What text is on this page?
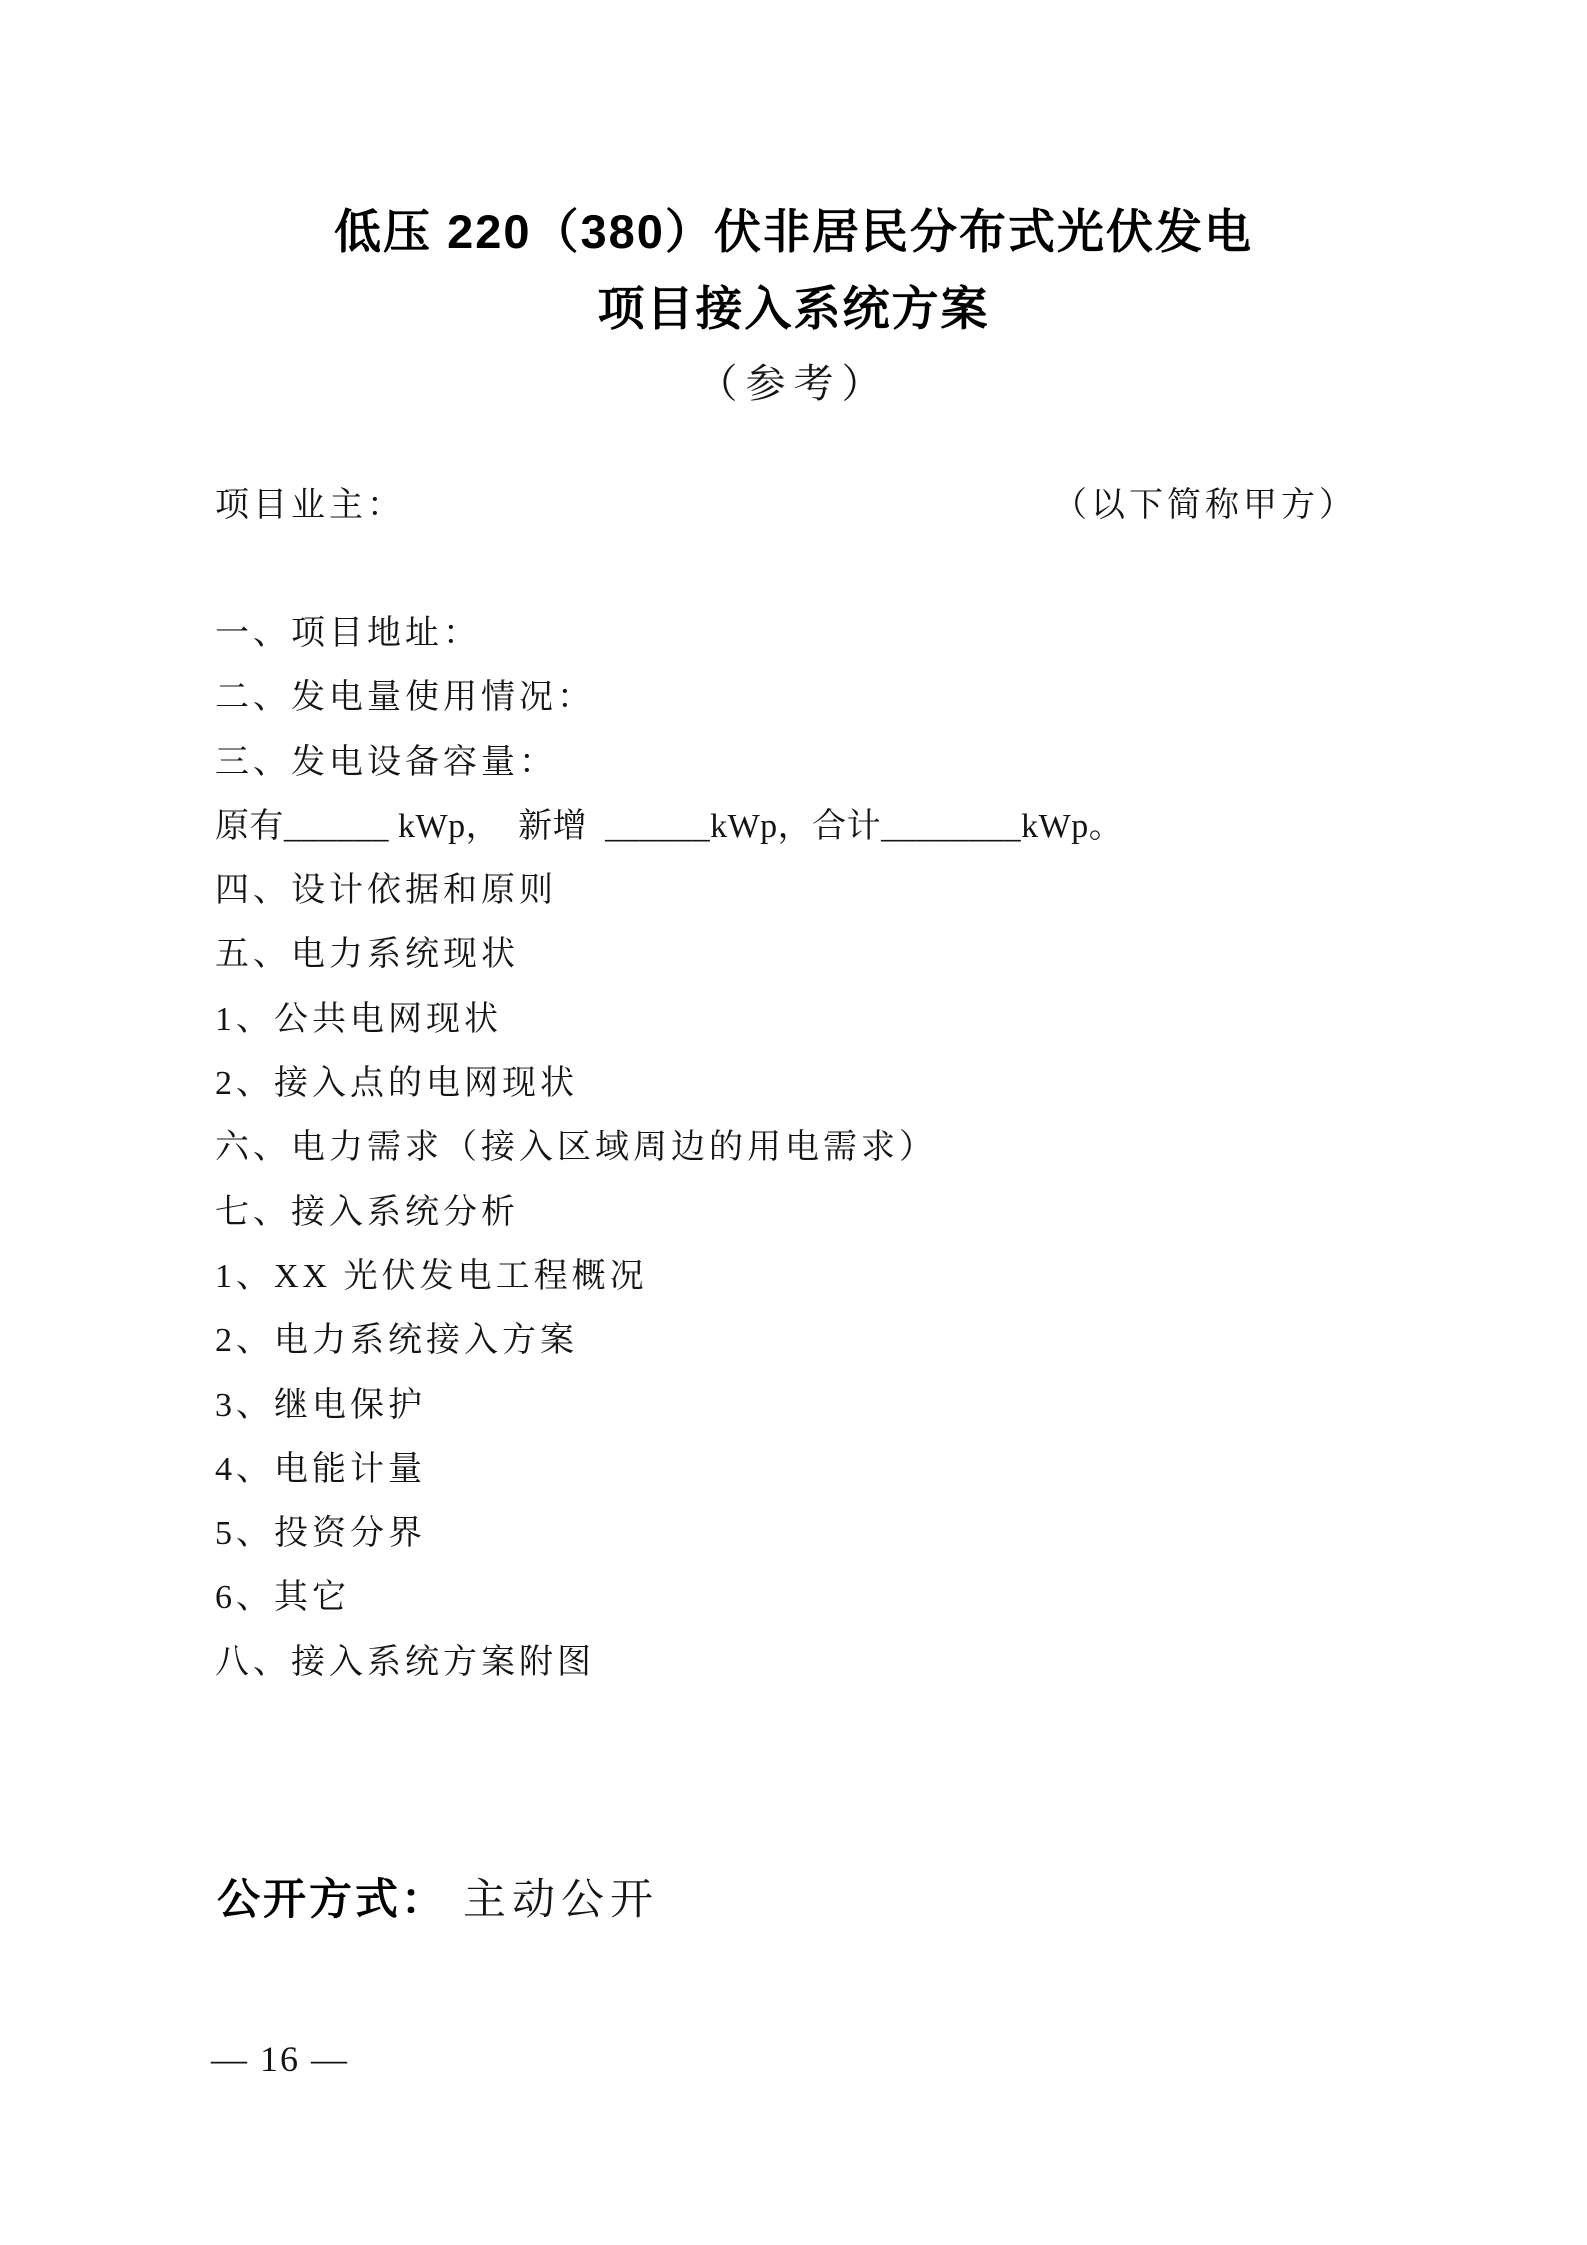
低压 220（380）伏非居民分布式光伏发电
项目接入系统方案
（参考）
项目业主：	（以下简称甲方）
一、项目地址：
二、发电量使用情况：
三、发电设备容量：
原有______ kWp，  新增  ______kWp，合计________kWp。
四、设计依据和原则
五、电力系统现状
1、公共电网现状
2、接入点的电网现状
六、电力需求（接入区域周边的用电需求）
七、接入系统分析
1、XX 光伏发电工程概况
2、电力系统接入方案
3、继电保护
4、电能计量
5、投资分界
6、其它
八、接入系统方案附图
公开方式： 主动公开
— 16 —
